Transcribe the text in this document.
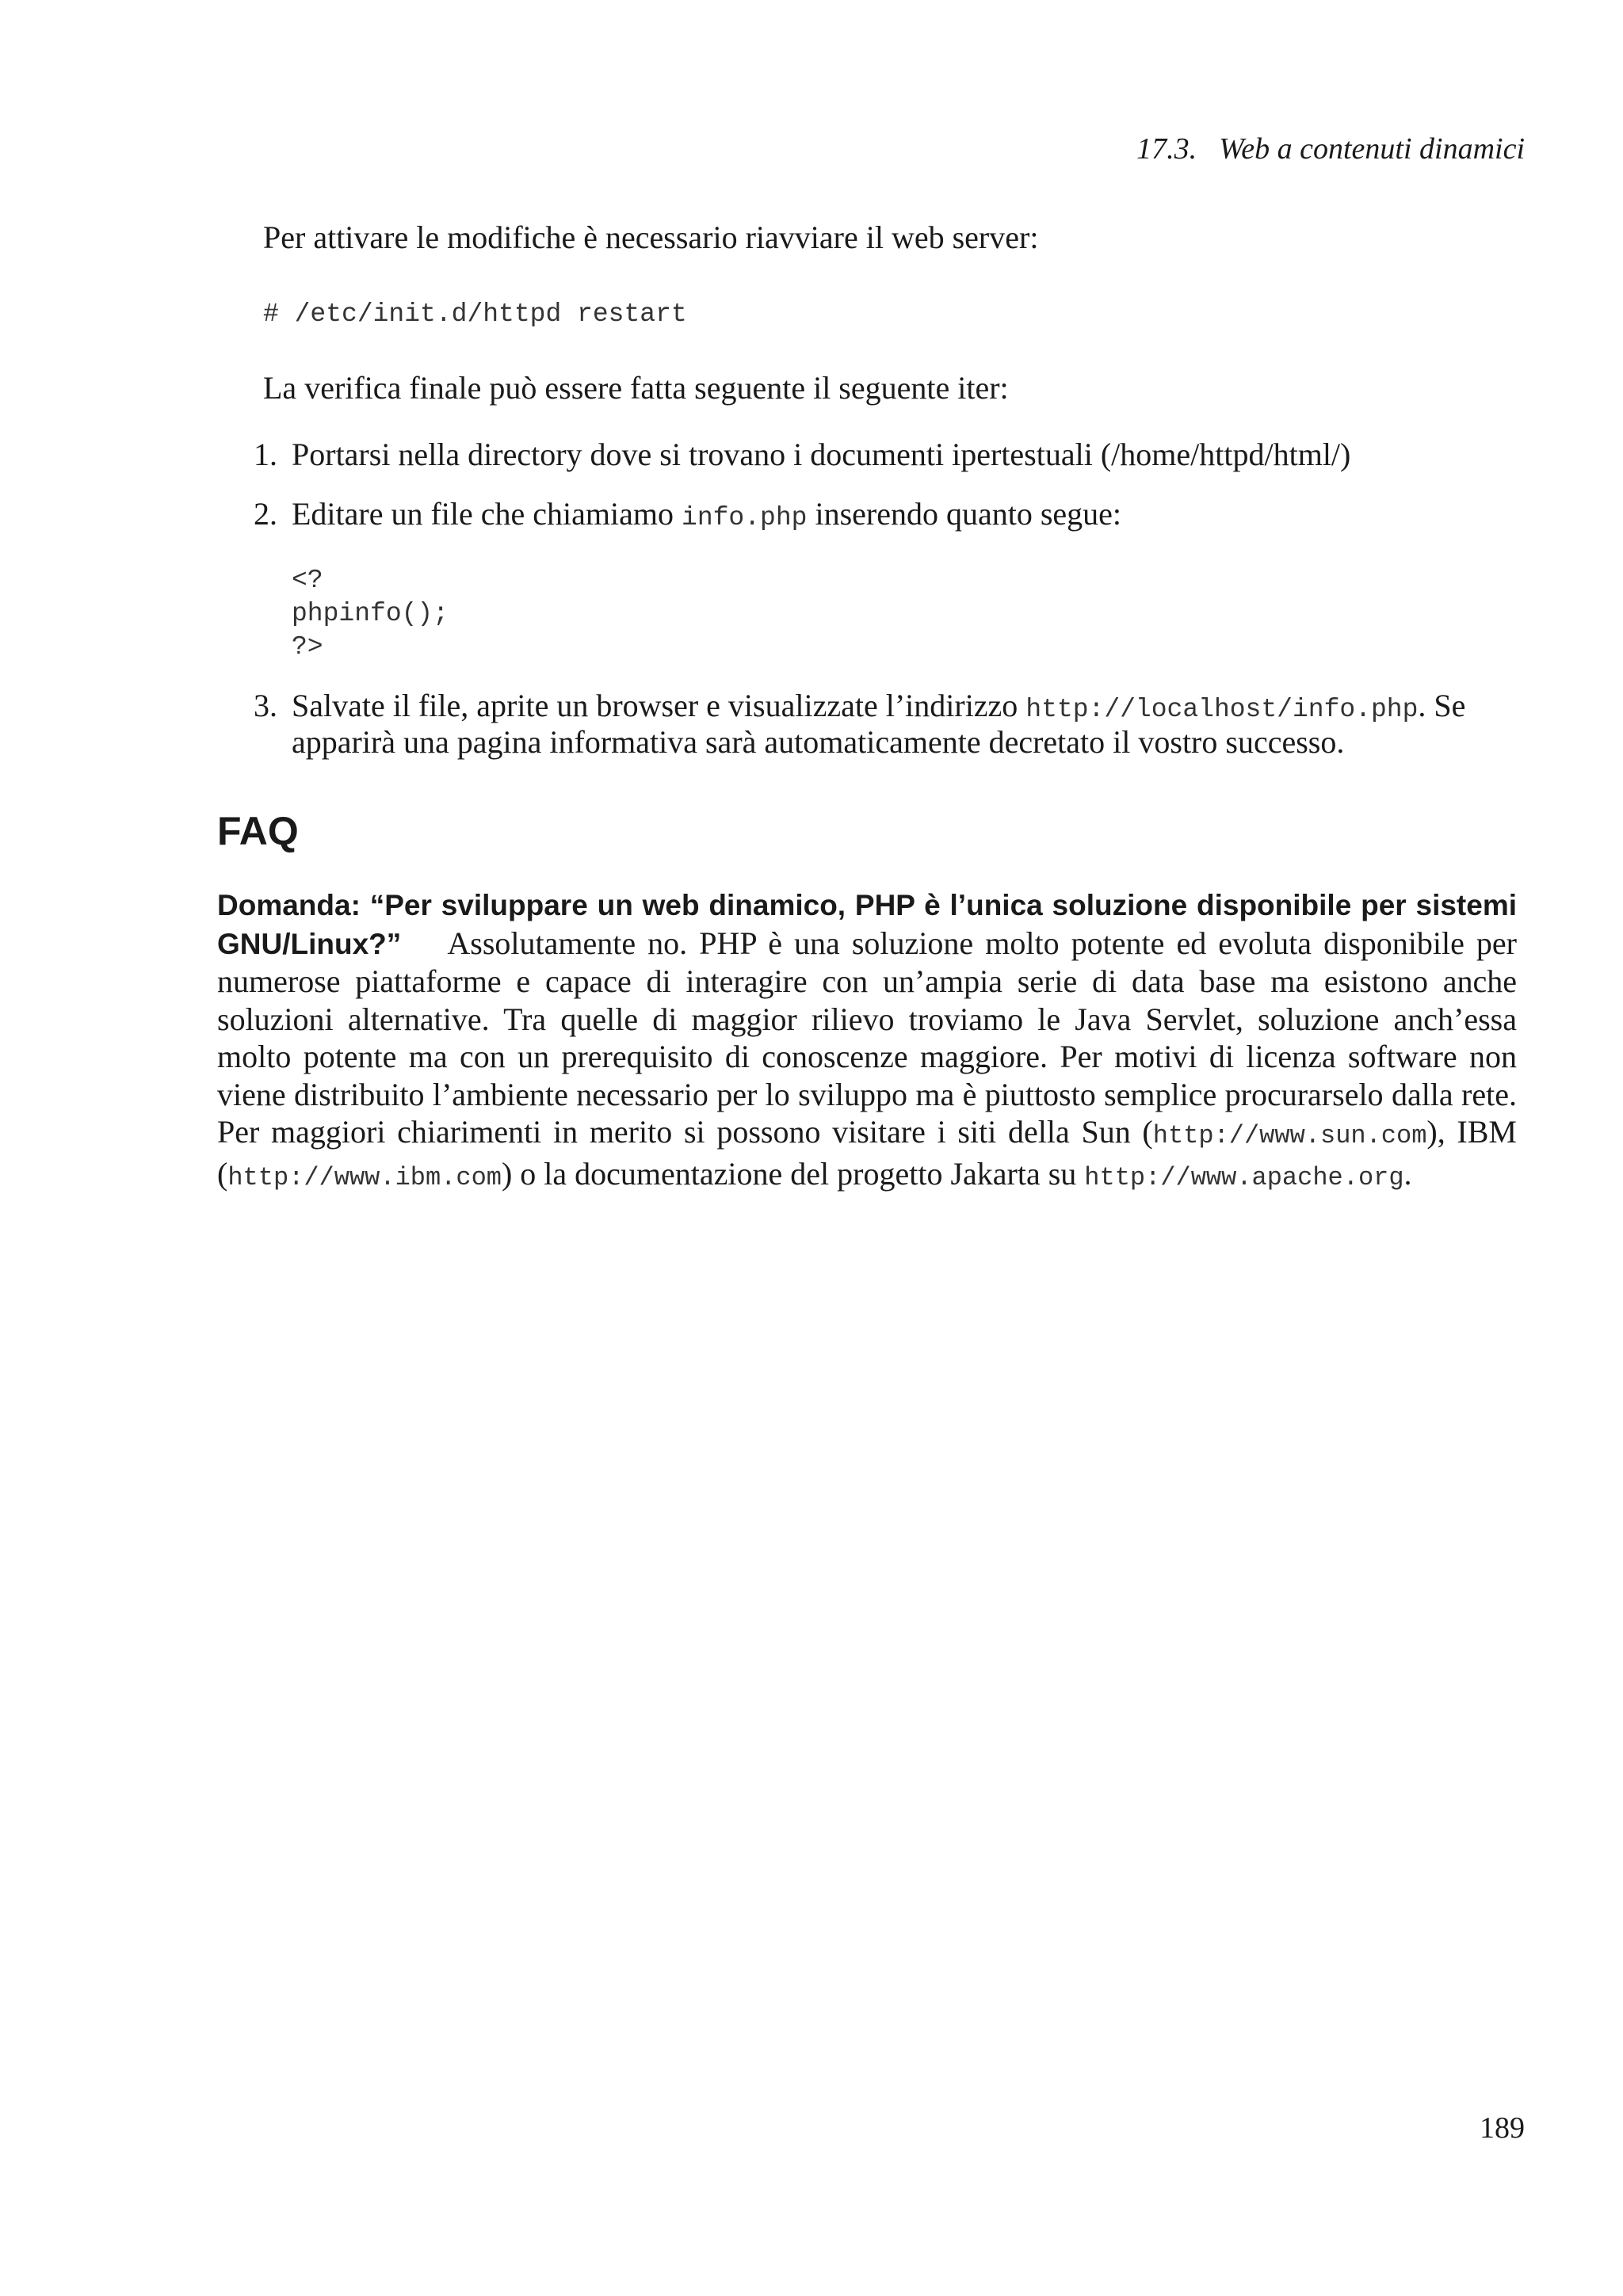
17.3. Web a contenuti dinamici
Per attivare le modifiche è necessario riavviare il web server:
# /etc/init.d/httpd restart
La verifica finale può essere fatta seguente il seguente iter:
1. Portarsi nella directory dove si trovano i documenti ipertestuali (/home/httpd/html/)
2. Editare un file che chiamiamo info.php inserendo quanto segue:
<?
phpinfo();
?>
3. Salvate il file, aprite un browser e visualizzate l’indirizzo http://localhost/info.php. Se
apparirà una pagina informativa sarà automaticamente decretato il vostro successo.
FAQ
Domanda: “Per sviluppare un web dinamico, PHP è l’unica soluzione disponibile per sistemi GNU/Linux?” Assolutamente no. PHP è una soluzione molto potente ed evoluta disponibile per numerose piattaforme e capace di interagire con un’ampia serie di data base ma esistono anche soluzioni alternative. Tra quelle di maggior rilievo troviamo le Java Servlet, soluzione anch’essa molto potente ma con un prerequisito di conoscenze maggiore. Per motivi di licenza software non viene distribuito l’ambiente necessario per lo sviluppo ma è piuttosto semplice procurarselo dalla rete. Per maggiori chiarimenti in merito si possono visitare i siti della Sun (http://www.sun.com), IBM (http://www.ibm.com) o la documentazione del progetto Jakarta su http://www.apache.org.
189
